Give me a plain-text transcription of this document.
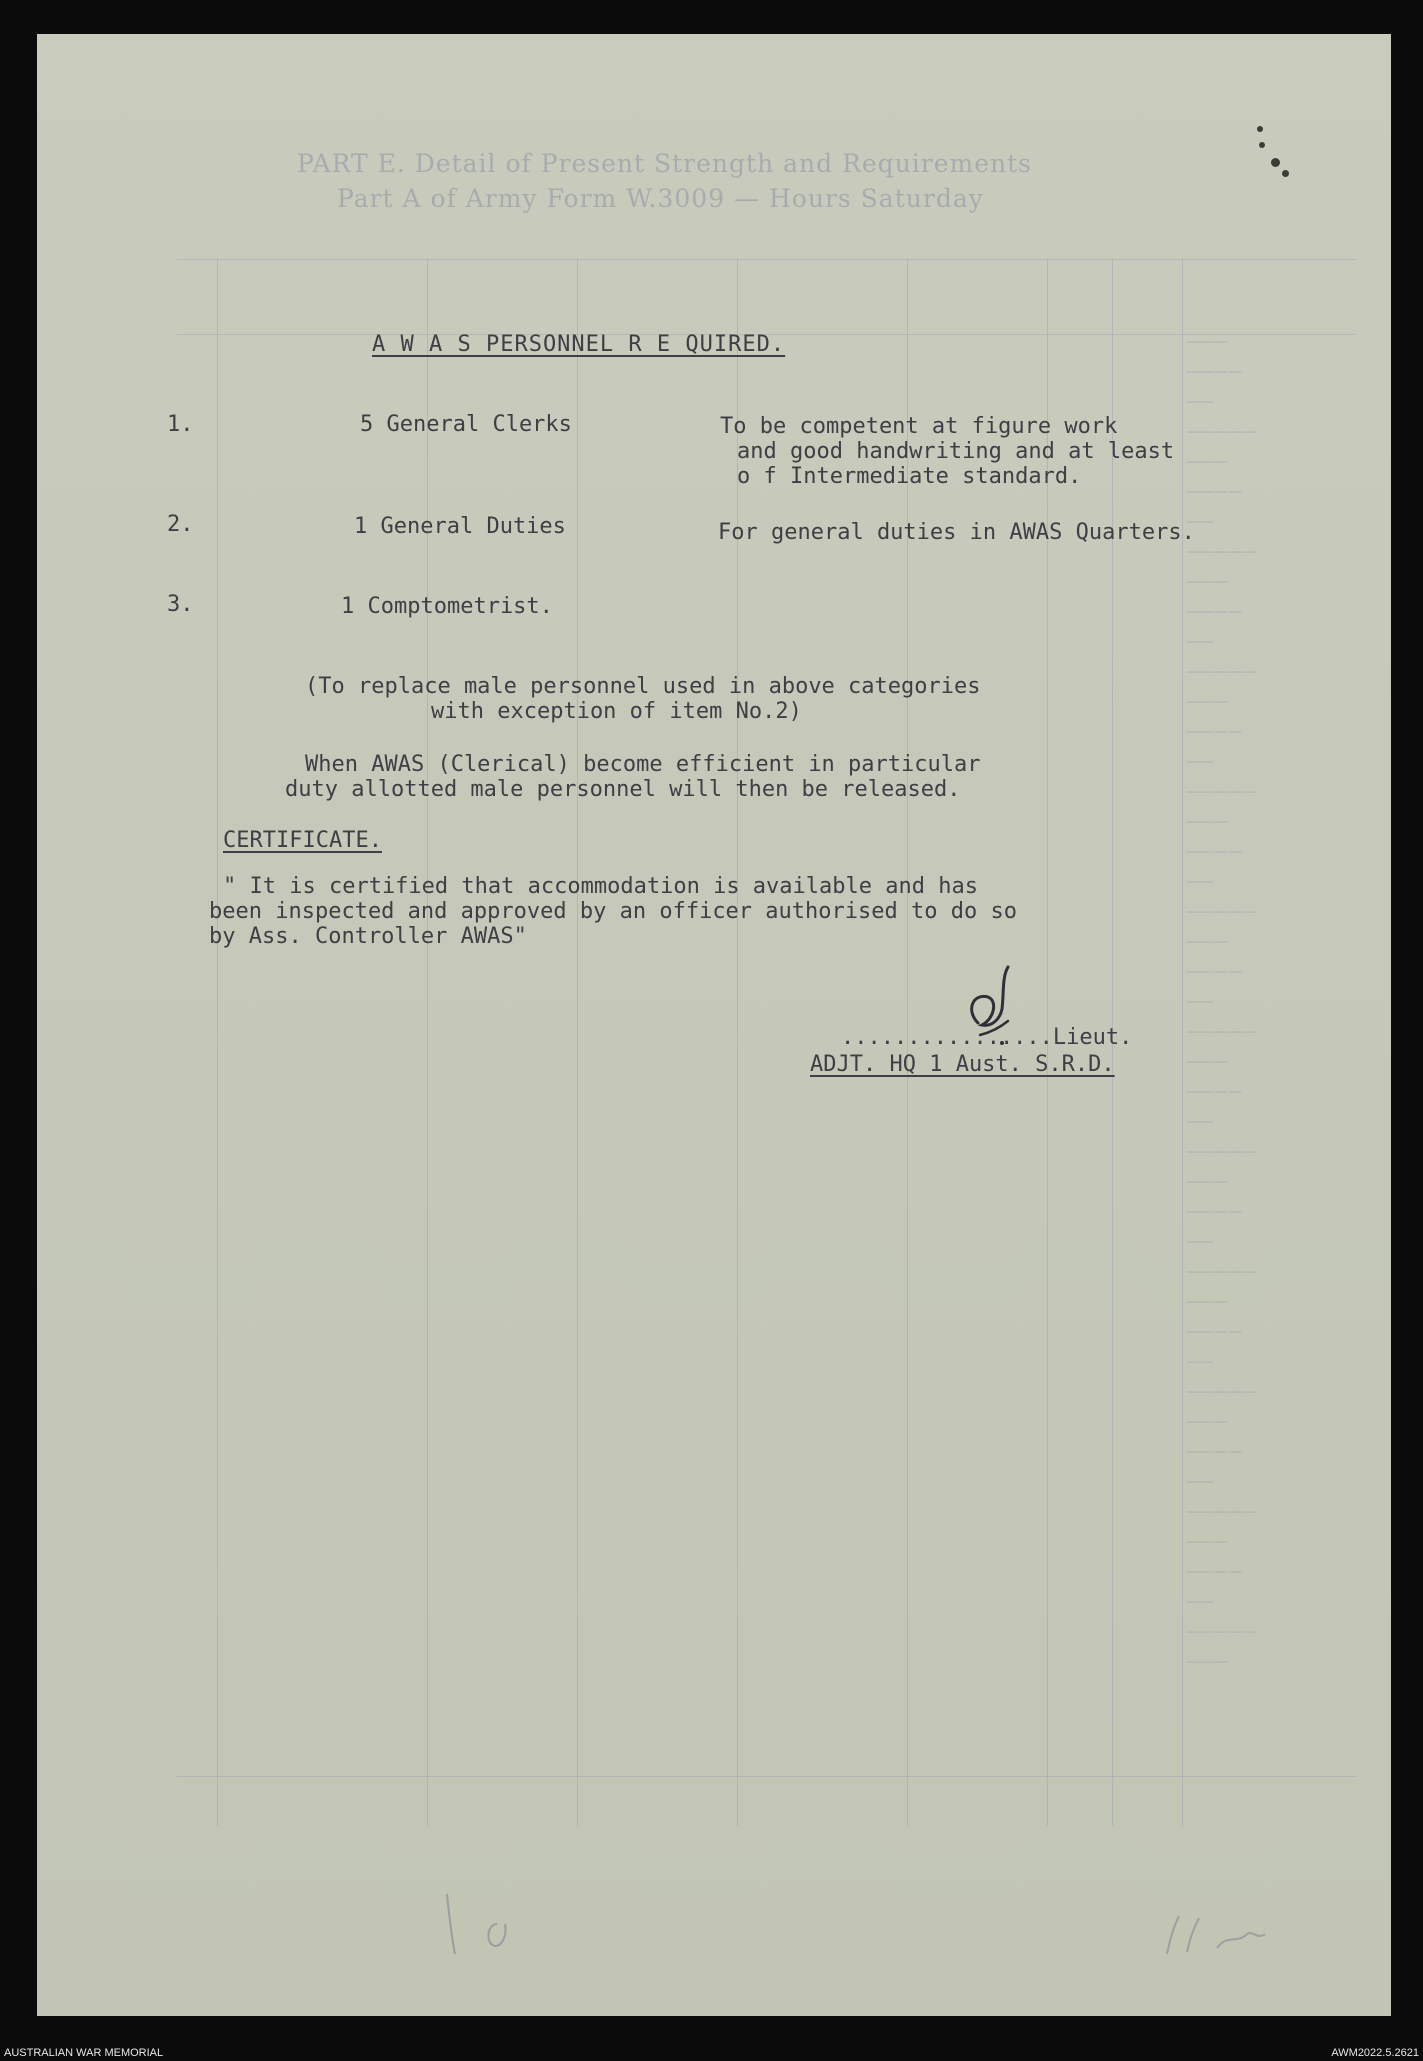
PART E. Detail of Present Strength and Requirements
Part A of Army Form W.3009 — Hours Saturday
———
————
——
—————
———
————
——
—————
———
————
——
—————
———
————
——
—————
———
————
——
—————
———
————
——
—————
———
————
——
—————
———
————
——
—————
———
————
——
—————
———
————
——
—————
———
————
——
—————
———
A W A S PERSONNEL R E QUIRED.
1.	5 General Clerks	To be competent at figure work
and good handwriting and at least
o f Intermediate standard.
2.	1 General Duties	For general duties in AWAS Quarters.
3.	1 Comptometrist.
(To replace male personnel used in above categories
with exception of item No.2)
When AWAS (Clerical) become efficient in particular
duty allotted male personnel will then be released.
CERTIFICATE.
" It is certified that accommodation is available and has
been inspected and approved by an officer authorised to do so
by Ass. Controller AWAS"
................Lieut.
ADJT. HQ 1 Aust. S.R.D.
AUSTRALIAN WAR MEMORIAL	AWM2022.5.2621
